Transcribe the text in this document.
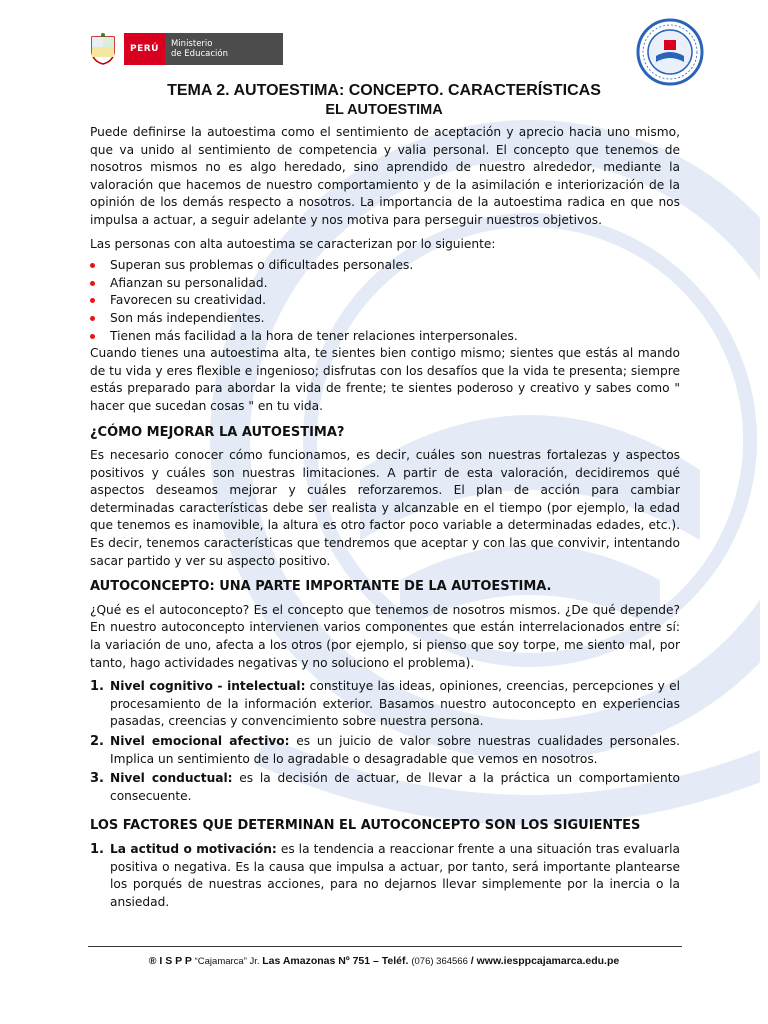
PERÚ	Ministerio
de Educación
TEMA 2. AUTOESTIMA: CONCEPTO. CARACTERÍSTICAS
EL AUTOESTIMA

Puede definirse la autoestima como el sentimiento de aceptación y aprecio hacia uno mismo, que va unido al sentimiento de competencia y valia personal. El concepto que tenemos de nosotros mismos no es algo heredado, sino aprendido de nuestro alrededor, mediante la valoración que hacemos de nuestro comportamiento y de la asimilación e interiorización de la opinión de los demás respecto a nosotros. La importancia de la autoestima radica en que nos impulsa a actuar, a seguir adelante y nos motiva para perseguir nuestros objetivos.

Las personas con alta autoestima se caracterizan por lo siguiente:

Superan sus problemas o dificultades personales.
Afianzan su personalidad.
Favorecen su creatividad.
Son más independientes.
Tienen más facilidad a la hora de tener relaciones interpersonales.

Cuando tienes una autoestima alta, te sientes bien contigo mismo; sientes que estás al mando de tu vida y eres flexible e ingenioso; disfrutas con los desafíos que la vida te presenta; siempre estás preparado para abordar la vida de frente; te sientes poderoso y creativo y sabes como " hacer que sucedan cosas " en tu vida.

¿CÓMO MEJORAR LA AUTOESTIMA?

Es necesario conocer cómo funcionamos, es decir, cuáles son nuestras fortalezas y aspectos positivos y cuáles son nuestras limitaciones. A partir de esta valoración, decidiremos qué aspectos deseamos mejorar y cuáles reforzaremos. El plan de acción para cambiar determinadas características debe ser realista y alcanzable en el tiempo (por ejemplo, la edad que tenemos es inamovible, la altura es otro factor poco variable a determinadas edades, etc.). Es decir, tenemos características que tendremos que aceptar y con las que convivir, intentando sacar partido y ver su aspecto positivo.

AUTOCONCEPTO: UNA PARTE IMPORTANTE DE LA AUTOESTIMA.

¿Qué es el autoconcepto? Es el concepto que tenemos de nosotros mismos. ¿De qué depende? En nuestro autoconcepto intervienen varios componentes que están interrelacionados entre sí: la variación de uno, afecta a los otros (por ejemplo, si pienso que soy torpe, me siento mal, por tanto, hago actividades negativas y no soluciono el problema).

1. Nivel cognitivo - intelectual: constituye las ideas, opiniones, creencias, percepciones y el procesamiento de la información exterior. Basamos nuestro autoconcepto en experiencias pasadas, creencias y convencimiento sobre nuestra persona.
2. Nivel emocional afectivo: es un juicio de valor sobre nuestras cualidades personales. Implica un sentimiento de lo agradable o desagradable que vemos en nosotros.
3. Nivel conductual: es la decisión de actuar, de llevar a la práctica un comportamiento consecuente.
LOS FACTORES QUE DETERMINAN EL AUTOCONCEPTO SON LOS SIGUIENTES
1. La actitud o motivación: es la tendencia a reaccionar frente a una situación tras evaluarla positiva o negativa. Es la causa que impulsa a actuar, por tanto, será importante plantearse los porqués de nuestras acciones, para no dejarnos llevar simplemente por la inercia o la ansiedad.
® I S P P “Cajamarca” Jr. Las Amazonas Nº 751 – Teléf. (076) 364566 / www.iesppcajamarca.edu.pe
